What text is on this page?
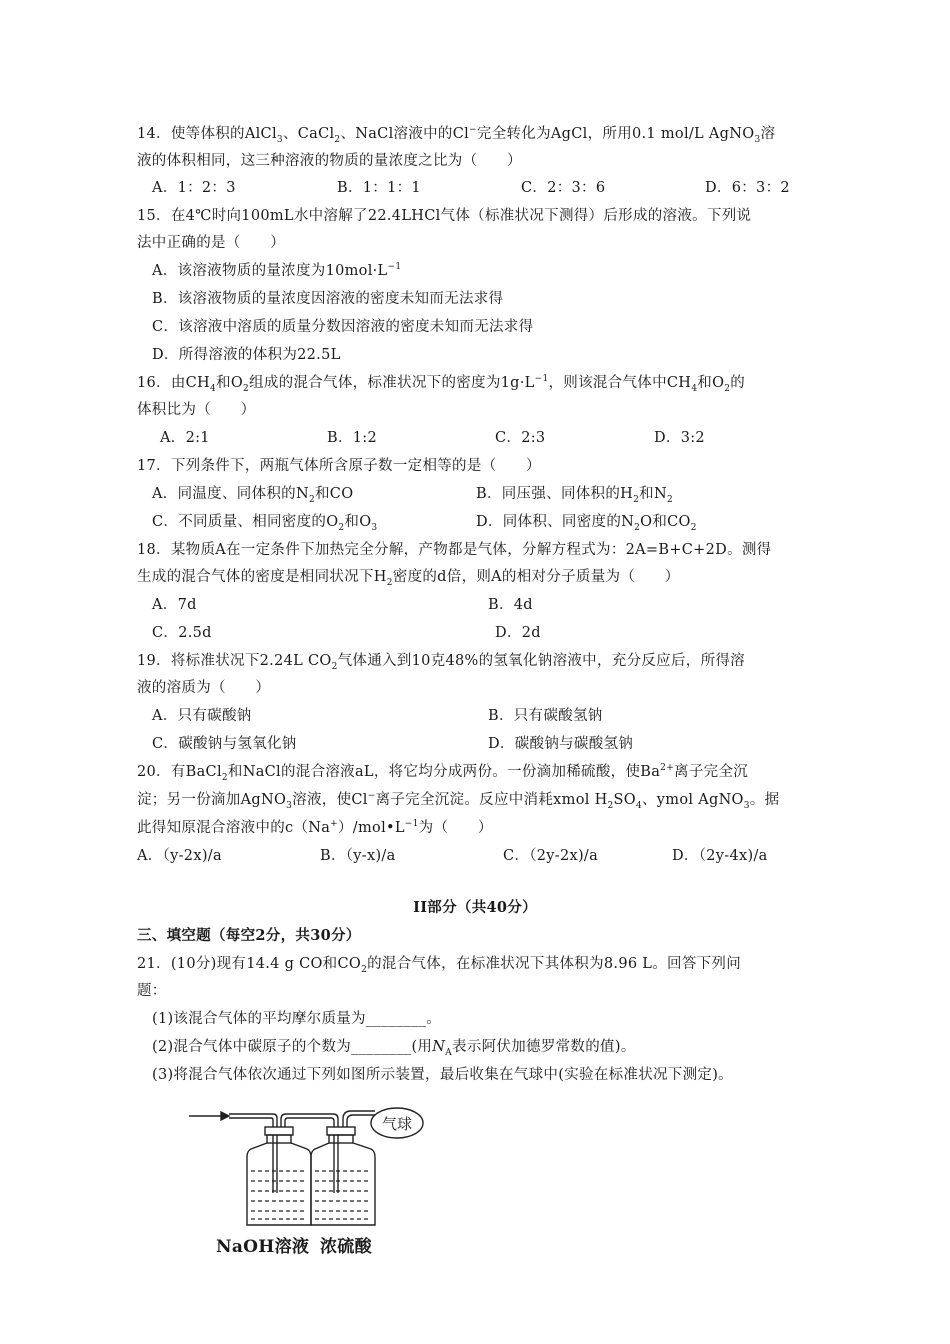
14．使等体积的AlCl$_3$、CaCl$_2$、NaCl溶液中的Cl−完全转化为AgCl，所用0.1 mol/L AgNO$_3$溶
液的体积相同，这三种溶液的物质的量浓度之比为（　　）
A．1：2：3	B．1：1：1	C．2：3：6	D．6：3：2
15．在4℃时向100mL水中溶解了22.4LHCl气体（标准状况下测得）后形成的溶液。下列说
法中正确的是（　　）
A．该溶液物质的量浓度为$10mol\cdot L^{-1}$
B．该溶液物质的量浓度因溶液的密度未知而无法求得
C．该溶液中溶质的质量分数因溶液的密度未知而无法求得
D．所得溶液的体积为22.5L
16．由$CH_4$和$O_2$组成的混合气体，标准状况下的密度为$1g\cdot L^{-1}$，则该混合气体中$CH_4$和$O_2$的
体积比为（　　）
A．2:1	B．1:2	C．2:3	D．3:2
17．下列条件下，两瓶气体所含原子数一定相等的是（　　）
A．同温度、同体积的$N_2$和CO	B．同压强、同体积的$H_2$和$N_2$
C．不同质量、相同密度的$O_2$和$O_3$	D．同体积、同密度的$N_2O$和$CO_2$
18．某物质A在一定条件下加热完全分解，产物都是气体，分解方程式为：2A=B+C+2D。测得
生成的混合气体的密度是相同状况下$H_2$密度的d倍，则A的相对分子质量为（　　）
A．7d	B．4d
C．2.5d	D．2d
19．将标准状况下2.24L $CO_2$气体通入到10克48%的氢氧化钠溶液中，充分反应后，所得溶
液的溶质为（　　）
A．只有碳酸钠	B．只有碳酸氢钠
C．碳酸钠与氢氧化钠	D．碳酸钠与碳酸氢钠
20．有BaCl$_2$和NaCl的混合溶液aL，将它均分成两份。一份滴加稀硫酸，使$Ba^{2+}$离子完全沉
淀；另一份滴加AgNO$_3$溶液，使Cl−离子完全沉淀。反应中消耗xmol $H_2SO_4$、ymol AgNO$_3$。据
此得知原混合溶液中的$c(Na^+)/mol•L^{-1}$为（　　）
A．（y-2x)/a	B．（y-x)/a	C．（2y-2x)/a	D．（2y-4x)/a
II部分（共40分）
三、填空题（每空2分，共30分）
21．(10分)现有14.4 g CO和$CO_2$的混合气体，在标准状况下其体积为8.96 L。回答下列问
题：
(1)该混合气体的平均摩尔质量为________。
(2)混合气体中碳原子的个数为________(用$N_A$表示阿伏加德罗常数的值)。
(3)将混合气体依次通过下列如图所示装置，最后收集在气球中(实验在标准状况下测定)。
气球
NaOH溶液 浓硫酸
